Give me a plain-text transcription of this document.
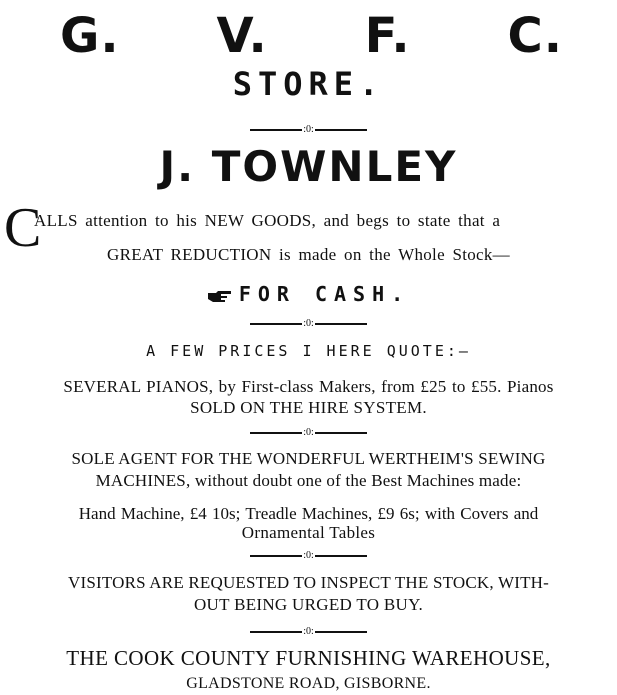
G. V. F. C.
STORE.
:0:
J. TOWNLEY
C
ALLS attention to his NEW GOODS, and begs to state that a
GREAT REDUCTION is made on the Whole Stock—
FOR CASH.
:0:
A FEW PRICES I HERE QUOTE:—
SEVERAL PIANOS, by First-class Makers, from £25 to £55. Pianos
SOLD ON THE HIRE SYSTEM.
:0:
SOLE AGENT FOR THE WONDERFUL WERTHEIM'S SEWING
MACHINES, without doubt one of the Best Machines made:
Hand Machine, £4 10s; Treadle Machines, £9 6s; with Covers and
Ornamental Tables
:0:
VISITORS ARE REQUESTED TO INSPECT THE STOCK, WITH-
OUT BEING URGED TO BUY.
:0:
THE COOK COUNTY FURNISHING WAREHOUSE,
GLADSTONE ROAD, GISBORNE.
